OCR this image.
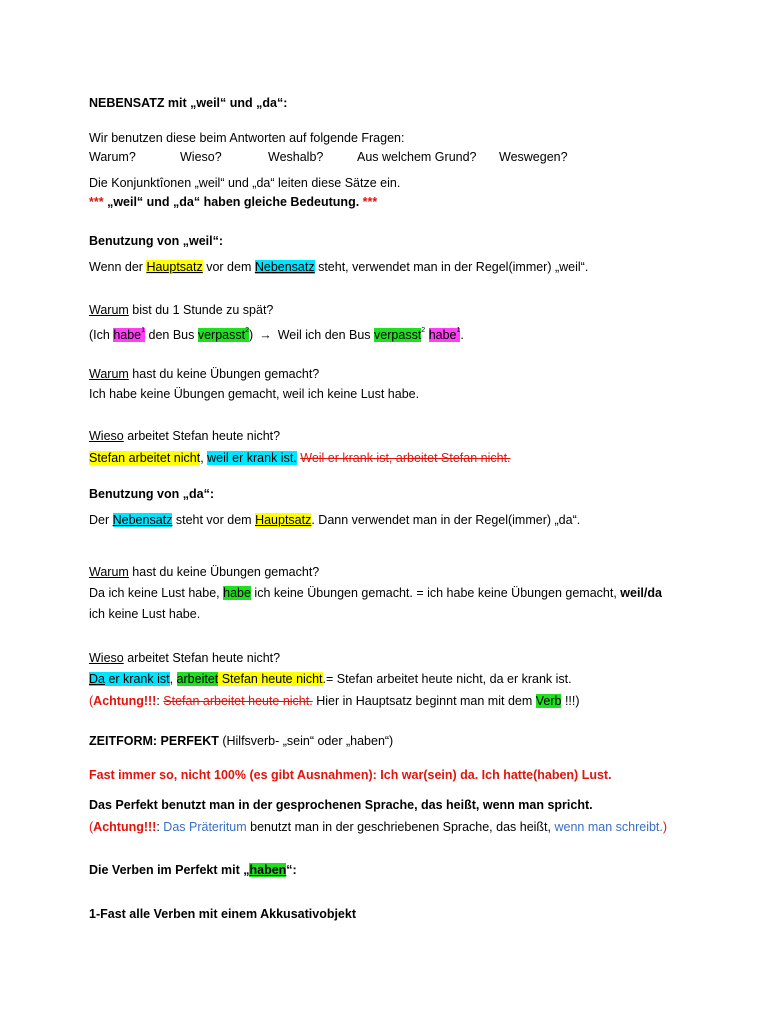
NEBENSATZ mit „weil“ und „da“:
Wir benutzen diese beim Antworten auf folgende Fragen:
Warum?	Wieso?	Weshalb?	Aus welchem Grund? Weswegen?
Die Konjunktȋonen „weil“ und „da“ leiten diese Sätze ein.
*** „weil“ und „da“ haben gleiche Bedeutung. ***
Benutzung von „weil“:
Wenn der Hauptsatz vor dem Nebensatz steht, verwendet man in der Regel(immer) „weil“.
Warum bist du 1 Stunde zu spät?
(Ich habe$^1$ den Bus verpasst$^2$) → Weil ich den Bus verpasst$^2$ habe$^1$.
Warum hast du keine Übungen gemacht?
Ich habe keine Übungen gemacht, weil ich keine Lust habe.
Wieso arbeitet Stefan heute nicht?
Stefan arbeitet nicht, weil er krank ist. Weil er krank ist, arbeitet Stefan nicht.
Benutzung von „da“:
Der Nebensatz steht vor dem Hauptsatz. Dann verwendet man in der Regel(immer) „da“.
Warum hast du keine Übungen gemacht?
Da ich keine Lust habe, habe ich keine Übungen gemacht. = ich habe keine Übungen gemacht, weil/da
ich keine Lust habe.
Wieso arbeitet Stefan heute nicht?
Da er krank ist, arbeitet Stefan heute nicht.= Stefan arbeitet heute nicht, da er krank ist.
(Achtung!!!: Stefan arbeitet heute nicht. Hier in Hauptsatz beginnt man mit dem Verb !!!)
ZEITFORM: PERFEKT (Hilfsverb- „sein“ oder „haben“)
Fast immer so, nicht 100% (es gibt Ausnahmen): Ich war(sein) da. Ich hatte(haben) Lust.
Das Perfekt benutzt man in der gesprochenen Sprache, das heißt, wenn man spricht.
(Achtung!!!: Das Präteritum benutzt man in der geschriebenen Sprache, das heißt, wenn man schreibt.)
Die Verben im Perfekt mit „haben“:
1-Fast alle Verben mit einem Akkusativobjekt
